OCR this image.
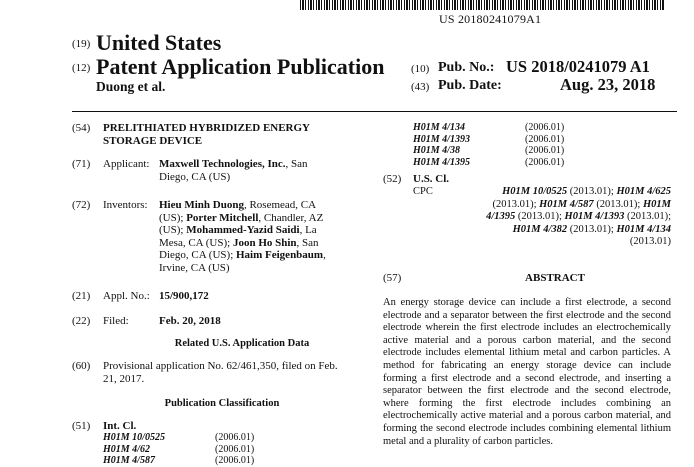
US 20180241079A1
(19) United States
(12) Patent Application Publication
Duong et al.
(10) Pub. No.: US 2018/0241079 A1
(43) Pub. Date:	Aug. 23, 2018
(54) PRELITHIATED HYBRIDIZED ENERGY
STORAGE DEVICE
(71) Applicant: Maxwell Technologies, Inc., San
Diego, CA (US)
(72) Inventors: Hieu Minh Duong, Rosemead, CA
(US); Porter Mitchell, Chandler, AZ
(US); Mohammed-Yazid Saidi, La
Mesa, CA (US); Joon Ho Shin, San
Diego, CA (US); Haim Feigenbaum,
Irvine, CA (US)
(21) Appl. No.: 15/900,172
(22) Filed:	Feb. 20, 2018
Related U.S. Application Data
(60) Provisional application No. 62/461,350, filed on Feb.
21, 2017.
Publication Classification
(51) Int. Cl.
H01M 10/0525	(2006.01)
H01M 4/62	(2006.01)
H01M 4/587	(2006.01)
H01M 4/134	(2006.01)
H01M 4/1393	(2006.01)
H01M 4/38	(2006.01)
H01M 4/1395	(2006.01)
(52) U.S. Cl.
CPC	H01M 10/0525 (2013.01); H01M 4/625
(2013.01); H01M 4/587 (2013.01); H01M
4/1395 (2013.01); H01M 4/1393 (2013.01);
H01M 4/382 (2013.01); H01M 4/134
(2013.01)
(57)	ABSTRACT
An energy storage device can include a first electrode, a second electrode and a separator between the first electrode and the second electrode wherein the first electrode includes an electrochemically active material and a porous carbon material, and the second electrode includes elemental lithium metal and carbon particles. A method for fabricating an energy storage device can include forming a first electrode and a second electrode, and inserting a separator between the first electrode and the second electrode, where forming the first electrode includes combining an electrochemically active material and a porous carbon material, and forming the second electrode includes combining elemental lithium metal and a plurality of carbon particles.
